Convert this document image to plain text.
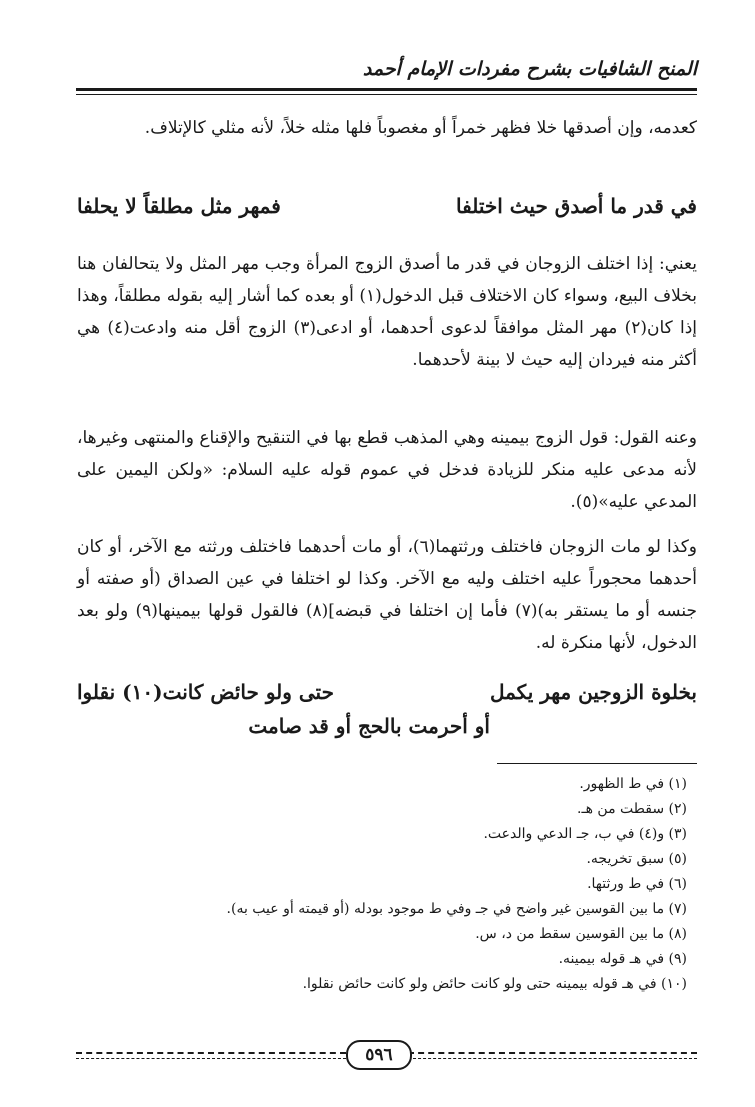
المنح الشافيات بشرح مفردات الإمام أحمد
كعدمه، وإن أصدقها خلا فظهر خمراً أو مغصوباً فلها مثله خلاً، لأنه مثلي كالإتلاف.
في قدر ما أصدق حيث اختلفا
فمهر مثل مطلقاً لا يحلفا
يعني: إذا اختلف الزوجان في قدر ما أصدق الزوج المرأة وجب مهر المثل ولا يتحالفان هنا بخلاف البيع، وسواء كان الاختلاف قبل الدخول(١) أو بعده كما أشار إليه بقوله مطلقاً، وهذا إذا كان(٢) مهر المثل موافقاً لدعوى أحدهما، أو ادعى(٣) الزوج أقل منه وادعت(٤) هي أكثر منه فيردان إليه حيث لا بينة لأحدهما.
وعنه القول: قول الزوج بيمينه وهي المذهب قطع بها في التنقيح والإقناع والمنتهى وغيرها، لأنه مدعى عليه منكر للزيادة فدخل في عموم قوله عليه السلام: «ولكن اليمين على المدعي عليه»(٥).
وكذا لو مات الزوجان فاختلف ورثتهما(٦)، أو مات أحدهما فاختلف ورثته مع الآخر، أو كان أحدهما محجوراً عليه اختلف وليه مع الآخر. وكذا لو اختلفا في عين الصداق (أو صفته أو جنسه أو ما يستقر به)(٧) فأما إن اختلفا في قبضه](٨) فالقول قولها بيمينها(٩) ولو بعد الدخول، لأنها منكرة له.
بخلوة الزوجين مهر يكمل
حتى ولو حائض كانت(١٠) نقلوا
أو أحرمت بالحج أو قد صامت
(١) في ط الظهور.
(٢) سقطت من هـ.
(٣) و(٤) في ب، جـ الدعي والدعت.
(٥) سبق تخريجه.
(٦) في ط ورثتها.
(٧) ما بين القوسين غير واضح في جـ وفي ط موجود بودله (أو قيمته أو عيب به).
(٨) ما بين القوسين سقط من د، س.
(٩) في هـ قوله بيمينه.
(١٠) في هـ قوله بيمينه حتى ولو كانت حائض ولو كانت حائض نقلوا.
٥٩٦
